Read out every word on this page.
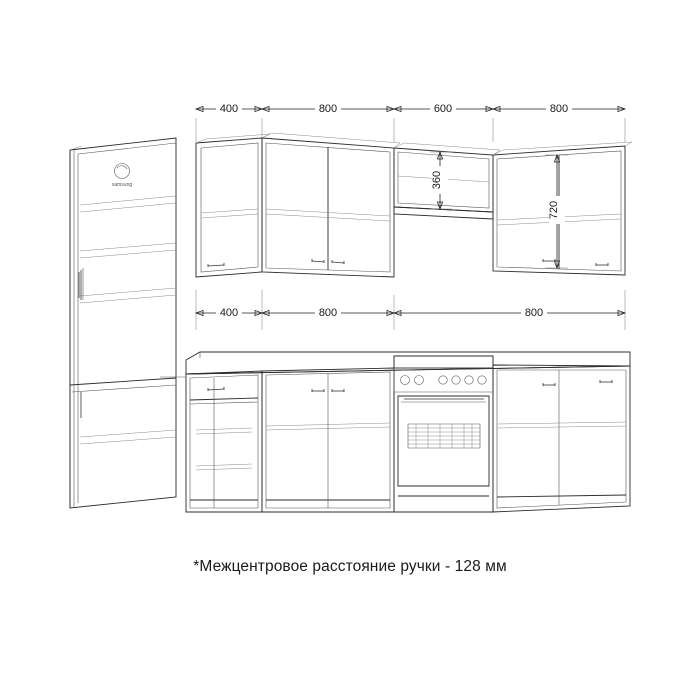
400	800	600	800
samsung	360
720
400	800	800
*Межцентровое расстояние ручки - 128 мм
